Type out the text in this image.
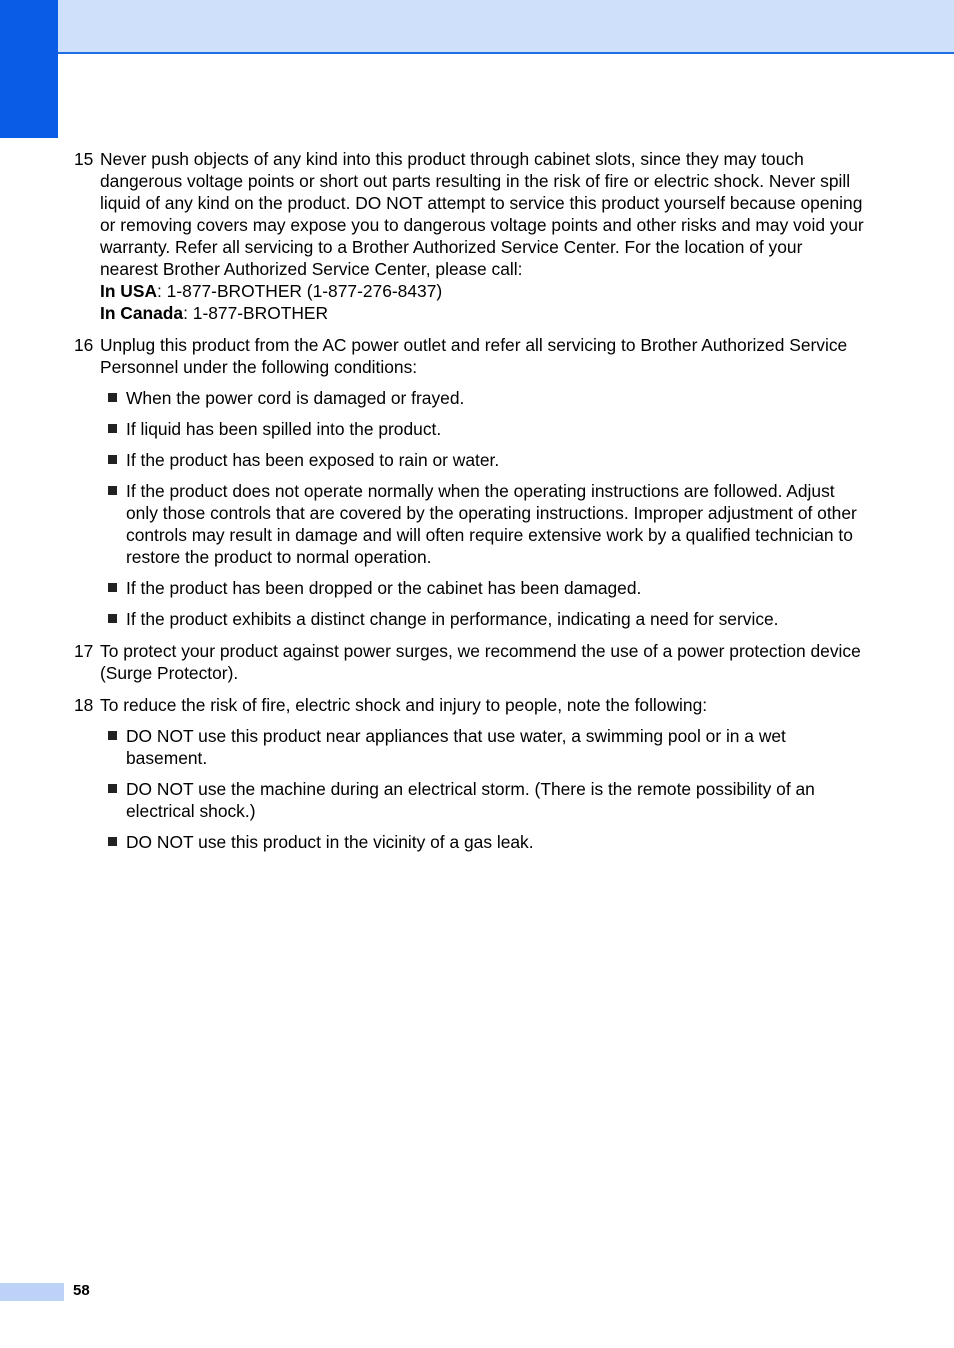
15 Never push objects of any kind into this product through cabinet slots, since they may touch dangerous voltage points or short out parts resulting in the risk of fire or electric shock. Never spill liquid of any kind on the product. DO NOT attempt to service this product yourself because opening or removing covers may expose you to dangerous voltage points and other risks and may void your warranty. Refer all servicing to a Brother Authorized Service Center. For the location of your nearest Brother Authorized Service Center, please call:
In USA: 1-877-BROTHER (1-877-276-8437)
In Canada: 1-877-BROTHER
16 Unplug this product from the AC power outlet and refer all servicing to Brother Authorized Service Personnel under the following conditions:
When the power cord is damaged or frayed.
If liquid has been spilled into the product.
If the product has been exposed to rain or water.
If the product does not operate normally when the operating instructions are followed. Adjust only those controls that are covered by the operating instructions. Improper adjustment of other controls may result in damage and will often require extensive work by a qualified technician to restore the product to normal operation.
If the product has been dropped or the cabinet has been damaged.
If the product exhibits a distinct change in performance, indicating a need for service.
17 To protect your product against power surges, we recommend the use of a power protection device (Surge Protector).
18 To reduce the risk of fire, electric shock and injury to people, note the following:
DO NOT use this product near appliances that use water, a swimming pool or in a wet basement.
DO NOT use the machine during an electrical storm. (There is the remote possibility of an electrical shock.)
DO NOT use this product in the vicinity of a gas leak.
58
